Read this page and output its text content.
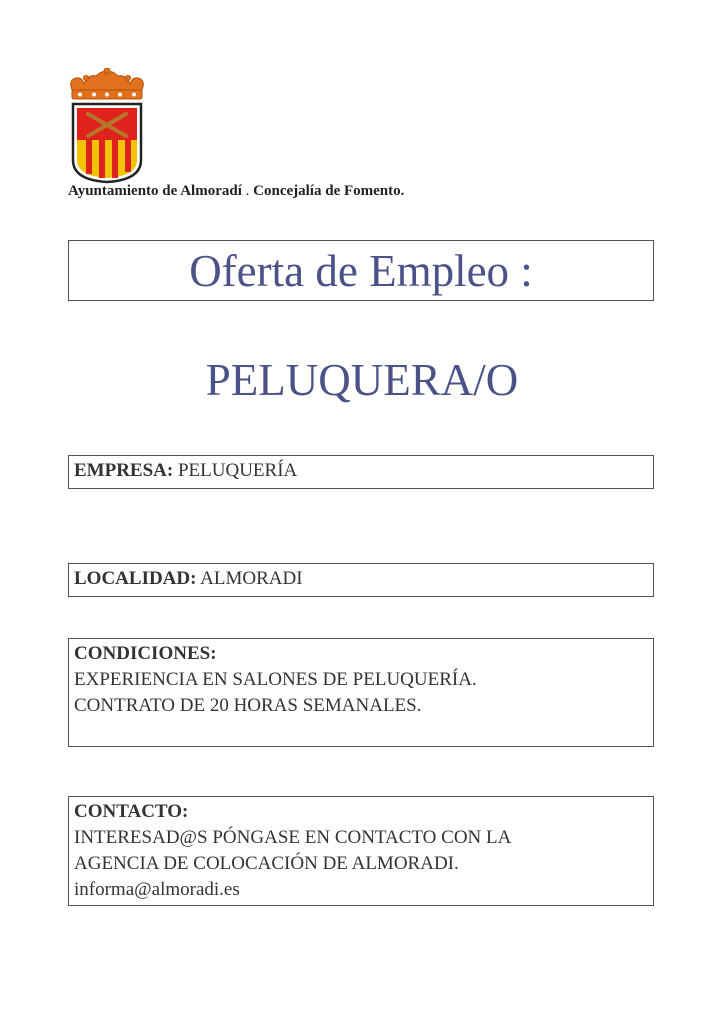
Ayuntamiento de Almoradí . Concejalía de Fomento.
Oferta de Empleo :
PELUQUERA/O
EMPRESA: PELUQUERÍA
LOCALIDAD: ALMORADI
CONDICIONES:
EXPERIENCIA EN SALONES DE PELUQUERÍA.
CONTRATO DE 20 HORAS SEMANALES.
CONTACTO:
INTERESAD@S PÓNGASE EN CONTACTO CON LA
AGENCIA DE COLOCACIÓN DE ALMORADI.
informa@almoradi.es
